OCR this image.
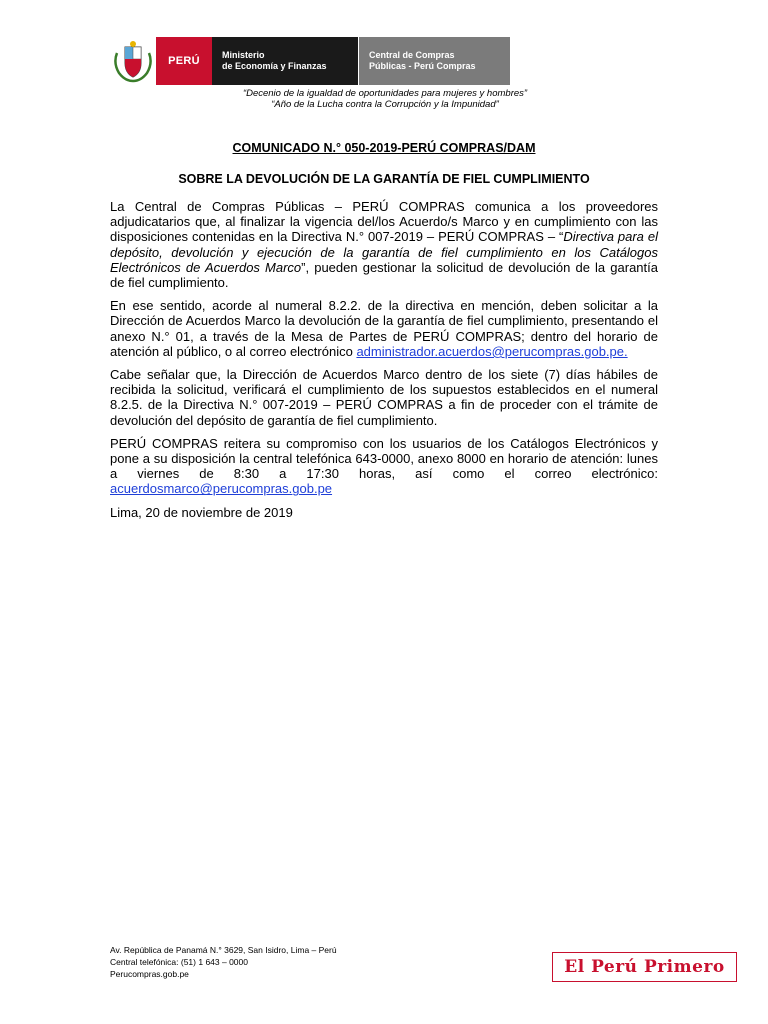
PERÚ	Ministerio
de Economía y Finanzas
Central de Compras
Públicas - Perú Compras
“Decenio de la igualdad de oportunidades para mujeres y hombres”
“Año de la Lucha contra la Corrupción y la Impunidad”
COMUNICADO N.° 050-2019-PERÚ COMPRAS/DAM
SOBRE LA DEVOLUCIÓN DE LA GARANTÍA DE FIEL CUMPLIMIENTO

La Central de Compras Públicas – PERÚ COMPRAS comunica a los proveedores adjudicatarios que, al finalizar la vigencia del/los Acuerdo/s Marco y en cumplimiento con las disposiciones contenidas en la Directiva N.° 007-2019 – PERÚ COMPRAS – “Directiva para el depósito, devolución y ejecución de la garantía de fiel cumplimiento en los Catálogos Electrónicos de Acuerdos Marco”, pueden gestionar la solicitud de devolución de la garantía de fiel cumplimiento.

En ese sentido, acorde al numeral 8.2.2. de la directiva en mención, deben solicitar a la Dirección de Acuerdos Marco la devolución de la garantía de fiel cumplimiento, presentando el anexo N.° 01, a través de la Mesa de Partes de PERÚ COMPRAS; dentro del horario de atención al público, o al correo electrónico administrador.acuerdos@perucompras.gob.pe.

Cabe señalar que, la Dirección de Acuerdos Marco dentro de los siete (7) días hábiles de recibida la solicitud, verificará el cumplimiento de los supuestos establecidos en el numeral 8.2.5. de la Directiva N.° 007-2019 – PERÚ COMPRAS a fin de proceder con el trámite de devolución del depósito de garantía de fiel cumplimiento.

PERÚ COMPRAS reitera su compromiso con los usuarios de los Catálogos Electrónicos y pone a su disposición la central telefónica 643-0000, anexo 8000 en horario de atención: lunes a viernes de 8:30 a 17:30 horas, así como el correo electrónico: acuerdosmarco@perucompras.gob.pe

Lima, 20 de noviembre de 2019

Av. República de Panamá N.° 3629, San Isidro, Lima – Perú
Central telefónica: (51) 1 643 – 0000
Perucompras.gob.pe	El Perú Primero
